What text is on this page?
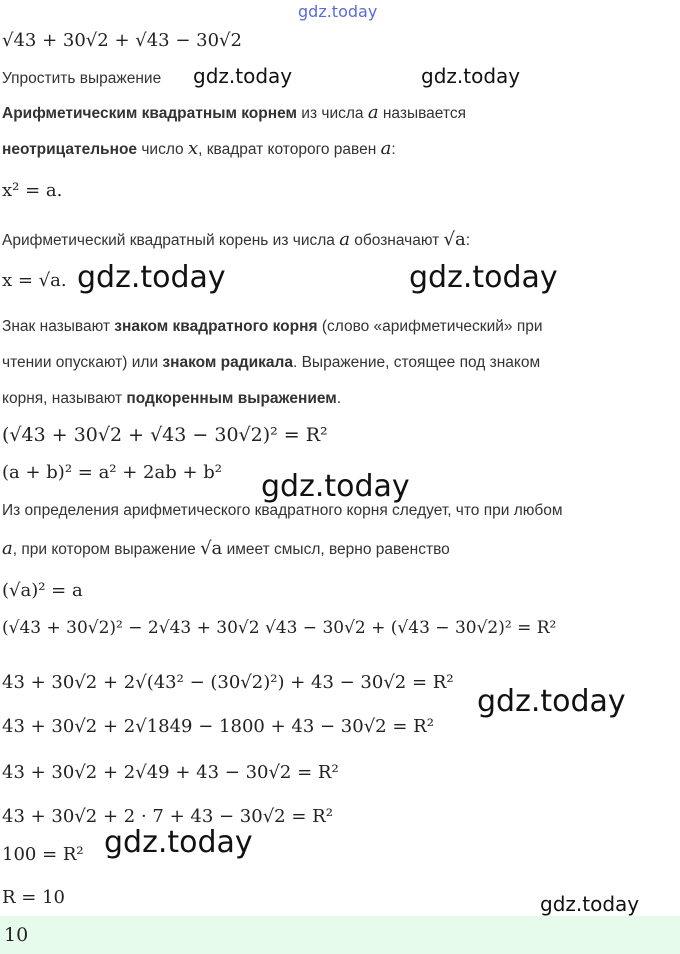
gdz.today
gdz.today	gdz.today
gdz.today	gdz.today
gdz.today
gdz.today
gdz.today
gdz.today
√43 + 30√2 + √43 − 30√2
Упростить выражение
Арифметическим квадратным корнем из числа a называется
неотрицательное число x, квадрат которого равен a:
x² = a.
Арифметический квадратный корень из числа a обозначают √a:
x = √a.
Знак называют знаком квадратного корня (слово «арифметический» при
чтении опускают) или знаком радикала. Выражение, стоящее под знаком
корня, называют подкоренным выражением.
(√43 + 30√2 + √43 − 30√2)² = R²
(a + b)² = a² + 2ab + b²
Из определения арифметического квадратного корня следует, что при любом
a, при котором выражение √a имеет смысл, верно равенство
(√a)² = a
(√43 + 30√2)² − 2√43 + 30√2 √43 − 30√2 + (√43 − 30√2)² = R²
43 + 30√2 + 2√(43² − (30√2)²) + 43 − 30√2 = R²
43 + 30√2 + 2√1849 − 1800 + 43 − 30√2 = R²
43 + 30√2 + 2√49 + 43 − 30√2 = R²
43 + 30√2 + 2 · 7 + 43 − 30√2 = R²
100 = R²
R = 10
10
